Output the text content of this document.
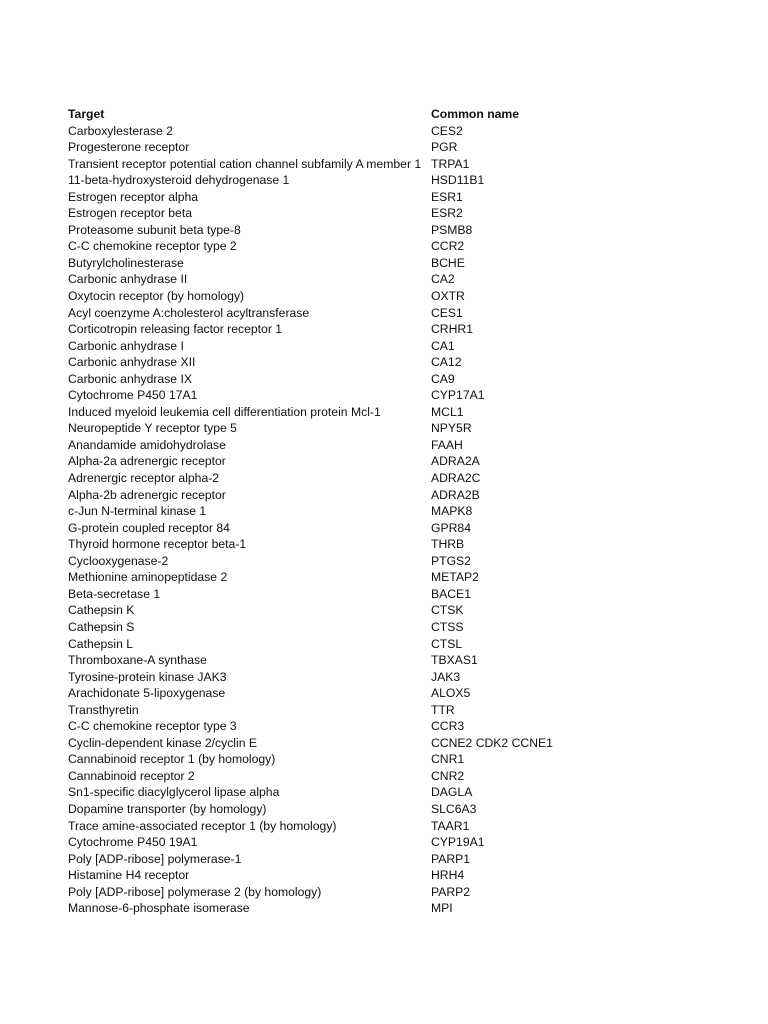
Target	Common name
Carboxylesterase 2	CES2
Progesterone receptor	PGR
Transient receptor potential cation channel subfamily A member 1 TRPA1
11-beta-hydroxysteroid dehydrogenase 1	HSD11B1
Estrogen receptor alpha	ESR1
Estrogen receptor beta	ESR2
Proteasome subunit beta type-8	PSMB8
C-C chemokine receptor type 2	CCR2
Butyrylcholinesterase	BCHE
Carbonic anhydrase II	CA2
Oxytocin receptor (by homology)	OXTR
Acyl coenzyme A:cholesterol acyltransferase	CES1
Corticotropin releasing factor receptor 1	CRHR1
Carbonic anhydrase I	CA1
Carbonic anhydrase XII	CA12
Carbonic anhydrase IX	CA9
Cytochrome P450 17A1	CYP17A1
Induced myeloid leukemia cell differentiation protein Mcl-1	MCL1
Neuropeptide Y receptor type 5	NPY5R
Anandamide amidohydrolase	FAAH
Alpha-2a adrenergic receptor	ADRA2A
Adrenergic receptor alpha-2	ADRA2C
Alpha-2b adrenergic receptor	ADRA2B
c-Jun N-terminal kinase 1	MAPK8
G-protein coupled receptor 84	GPR84
Thyroid hormone receptor beta-1	THRB
Cyclooxygenase-2	PTGS2
Methionine aminopeptidase 2	METAP2
Beta-secretase 1	BACE1
Cathepsin K	CTSK
Cathepsin S	CTSS
Cathepsin L	CTSL
Thromboxane-A synthase	TBXAS1
Tyrosine-protein kinase JAK3	JAK3
Arachidonate 5-lipoxygenase	ALOX5
Transthyretin	TTR
C-C chemokine receptor type 3	CCR3
Cyclin-dependent kinase 2/cyclin E	CCNE2 CDK2 CCNE1
Cannabinoid receptor 1 (by homology)	CNR1
Cannabinoid receptor 2	CNR2
Sn1-specific diacylglycerol lipase alpha	DAGLA
Dopamine transporter (by homology)	SLC6A3
Trace amine-associated receptor 1 (by homology)	TAAR1
Cytochrome P450 19A1	CYP19A1
Poly [ADP-ribose] polymerase-1	PARP1
Histamine H4 receptor	HRH4
Poly [ADP-ribose] polymerase 2 (by homology)	PARP2
Mannose-6-phosphate isomerase	MPI
